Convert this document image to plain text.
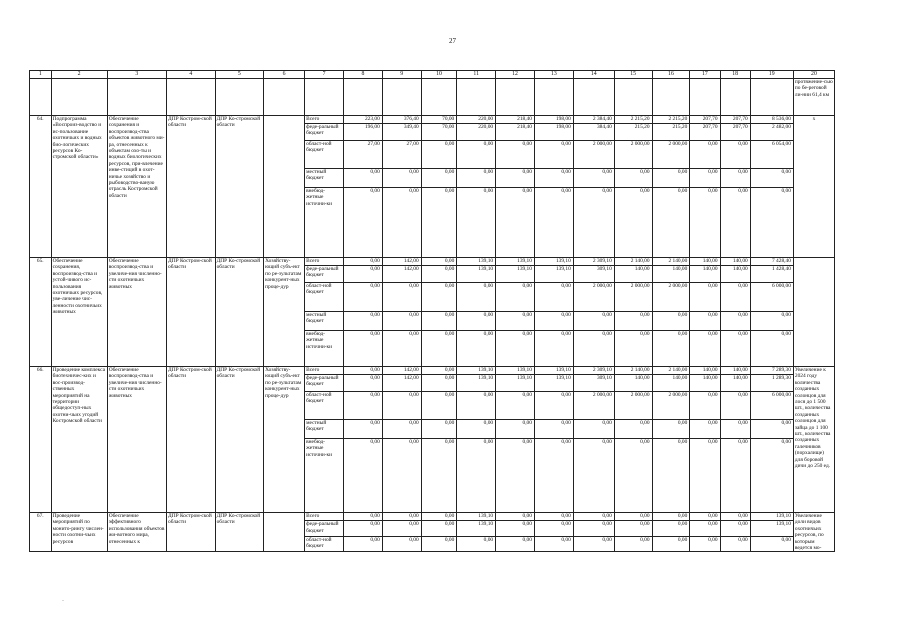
27
1	2	3	4	5	6	7	8	9	10	11	12	13	14	15	16	17	18	19	20
																			протяжение-сью по бе-реговой ли-нии 61,4 км
64.	Подпрограмма «Воспроиз-водство и ис-пользование охотничьих и водных био-логических ресурсов Ко-стромской области»	Обеспечение сохранения и воспроизвод-ства объектов животного ми-ра, отнесенных к объектам охо-ты и водных биологических ресурсов, при-влечение инве-стиций в охот-ничье хозяйство и рыбоводство-ваную отрасль Костромской области	ДПР Костром-ской области	ДПР Ко-стромской области		Всего	223,00	376,40	70,00	220,00	218,40	198,00	2 384,40	2 215,20	2 215,20	207,70	207,70	8 536,00	x
						феде-ральный бюджет	196,00	349,40	70,00	220,00	218,40	198,00	384,40	215,20	215,20	207,70	207,70	2 482,00	
						област-ной бюджет	27,00	27,00	0,00	0,00	0,00	0,00	2 000,00	2 000,00	2 000,00	0,00	0,00	6 054,00	
						местный бюджет	0,00	0,00	0,00	0,00	0,00	0,00	0,00	0,00	0,00	0,00	0,00	0,00	
						внебюд-жетные источни-ки	0,00	0,00	0,00	0,00	0,00	0,00	0,00	0,00	0,00	0,00	0,00	0,00	
65.	Обеспечение сохранения, воспроизвод-ства и устой-чивого ис-пользования охотничьих ресурсов, уве-личение чис-ленности охотничьих животных	Обеспечение воспроизвод-ства и увеличе-ния численно-сти охотничьих животных	ДПР Костром-ской области	ДПР Ко-стромской области	Хозяйству-ющий субъ-ект по ре-зультатам конкурент-ных проце-дур	Всего	0,00	142,00	0,00	139,10	139,10	139,10	2 309,10	2 140,00	2 140,00	140,00	140,00	7 428,40	
						феде-ральный бюджет	0,00	142,00	0,00	139,10	139,10	139,10	309,10	140,00	140,00	140,00	140,00	1 428,40	
						област-ной бюджет	0,00	0,00	0,00	0,00	0,00	0,00	2 000,00	2 000,00	2 000,00	0,00	0,00	6 000,00	
						местный бюджет	0,00	0,00	0,00	0,00	0,00	0,00	0,00	0,00	0,00	0,00	0,00	0,00	
						внебюд-жетные источни-ки	0,00	0,00	0,00	0,00	0,00	0,00	0,00	0,00	0,00	0,00	0,00	0,00	
66.	Проведение комплекса биотехничес-ких и вос-производ-ственных мероприятий на территории общедоступ-ных охотни-чьих угодий Костромской области	Обеспечение воспроизвод-ства и увеличе-ния численно-сти охотничьих животных	ДПР Костром-ской области	ДПР Ко-стромской области	Хозяйству-ющий субъ-ект по ре-зультатам конкурент-ных проце-дур	Всего	0,00	142,00	0,00	139,10	139,10	139,10	2 309,10	2 140,00	2 140,00	140,00	140,00	7 289,30	Увеличение к 2024 году количества созданных солонцов для лося до 1 500 шт., количества созданных солонцов для зайца до 1 100 шт., количества созданных галечников (порхалище) для боровой дичи до 250 ед.
						феде-ральный бюджет	0,00	142,00	0,00	139,10	139,10	139,10	309,10	140,00	140,00	140,00	140,00	1 289,30	
						област-ной бюджет	0,00	0,00	0,00	0,00	0,00	0,00	2 000,00	2 000,00	2 000,00	0,00	0,00	6 000,00	
						местный бюджет	0,00	0,00	0,00	0,00	0,00	0,00	0,00	0,00	0,00	0,00	0,00	0,00	
						внебюд-жетные источни-ки	0,00	0,00	0,00	0,00	0,00	0,00	0,00	0,00	0,00	0,00	0,00	0,00	
67.	Проведение мероприятий по монито-рингу числен-ности охотни-чьих ресурсов	Обеспечение эффективного использования объектов жи-вотного мира, отнесенных к	ДПР Костром-ской области	ДПР Ко-стромской области		Всего	0,00	0,00	0,00	139,10	0,00	0,00	0,00	0,00	0,00	0,00	0,00	139,10	Увеличение доли видов охотничьих ресурсов, по которым ведется мо-
						феде-ральный бюджет	0,00	0,00	0,00	139,10	0,00	0,00	0,00	0,00	0,00	0,00	0,00	139,10	
						област-ной бюджет	0,00	0,00	0,00	0,00	0,00	0,00	0,00	0,00	0,00	0,00	0,00	0,00	
-
